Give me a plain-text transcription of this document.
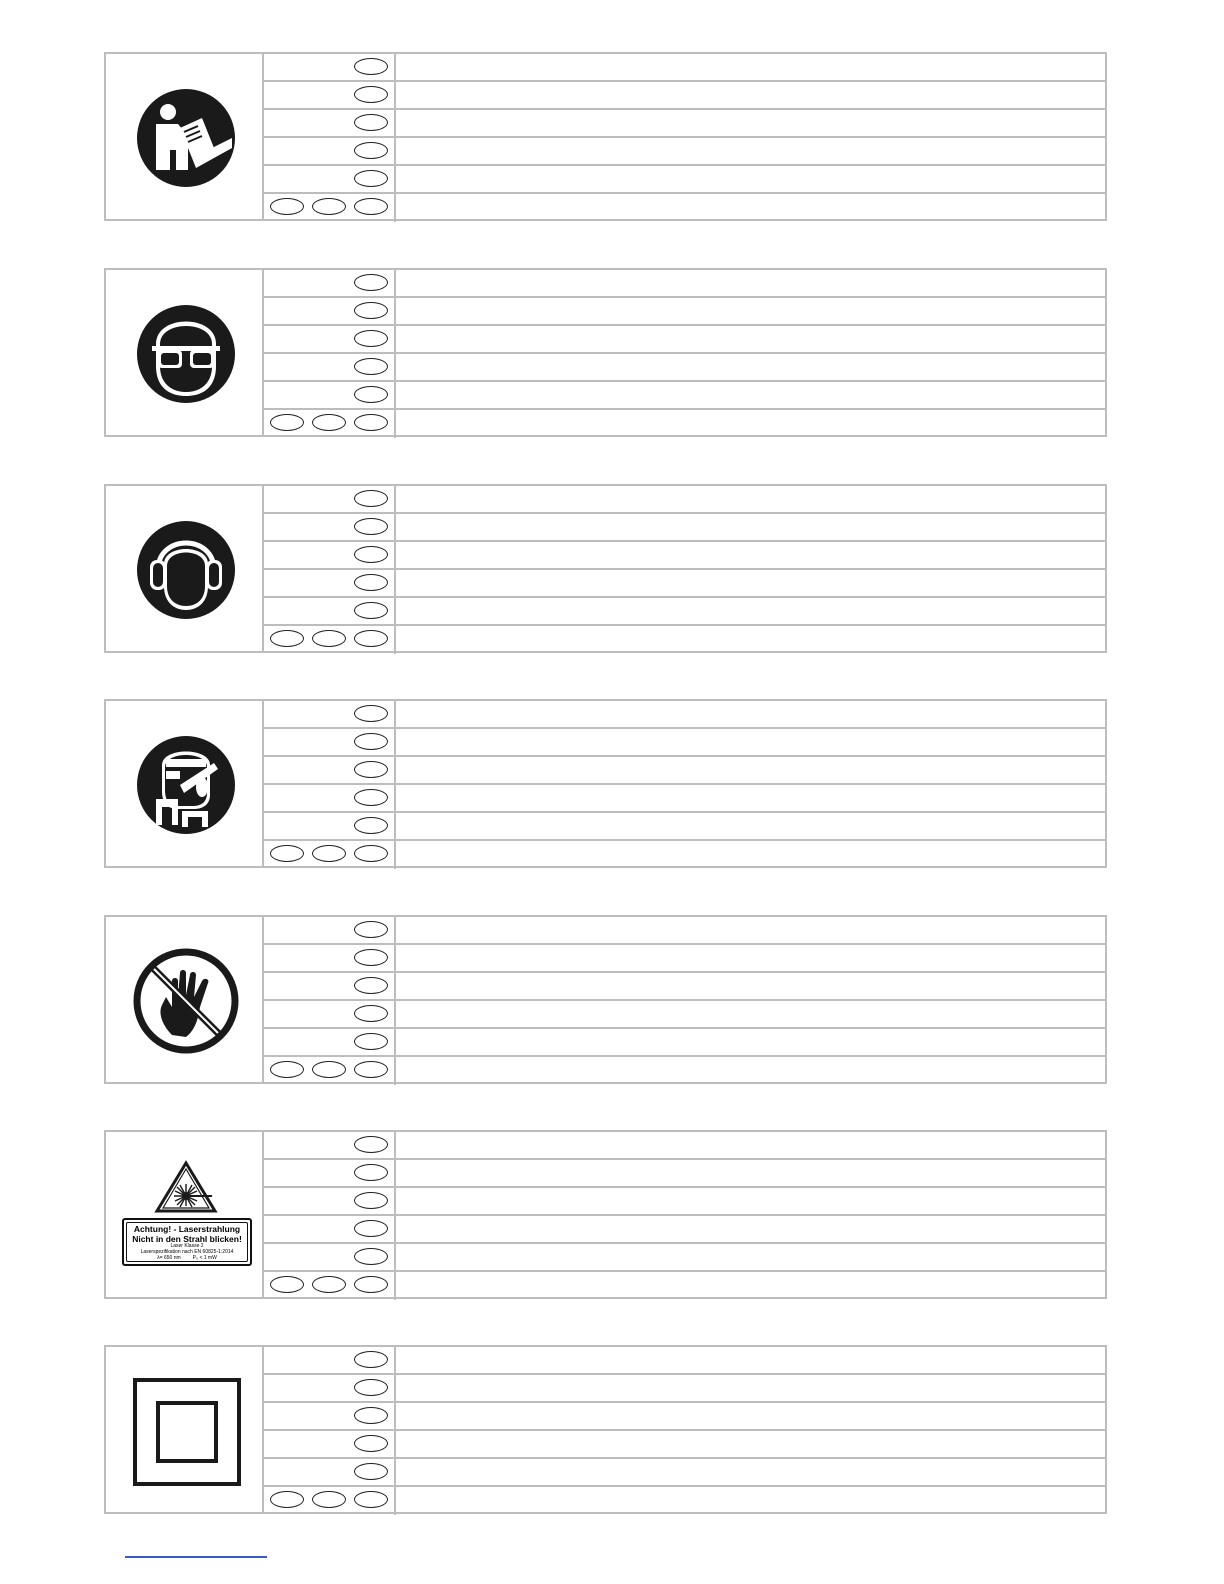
Achtung! - Laserstrahlung
Nicht in den Strahl blicken!
Laser Klasse 2
Laserspezifikation nach EN 60825-1:2014
λ= 650 nm P₀ < 1 mW
